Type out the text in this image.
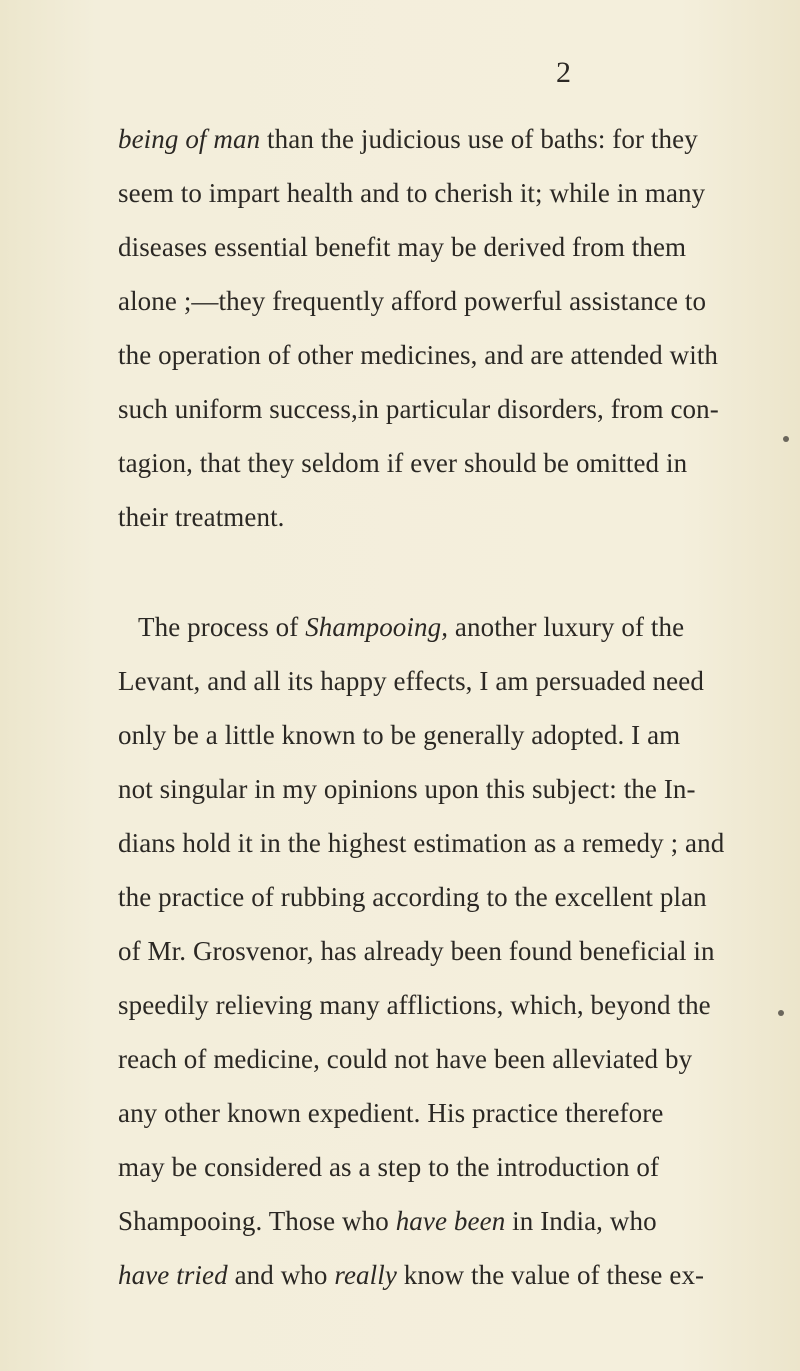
2
being of man than the judicious use of baths: for they
seem to impart health and to cherish it; while in many
diseases essential benefit may be derived from them
alone ;—they frequently afford powerful assistance to
the operation of other medicines, and are attended with
such uniform success,in particular disorders, from con-
tagion, that they seldom if ever should be omitted in
their treatment.
The process of Shampooing, another luxury of the
Levant, and all its happy effects, I am persuaded need
only be a little known to be generally adopted. I am
not singular in my opinions upon this subject: the In-
dians hold it in the highest estimation as a remedy ; and
the practice of rubbing according to the excellent plan
of Mr. Grosvenor, has already been found beneficial in
speedily relieving many afflictions, which, beyond the
reach of medicine, could not have been alleviated by
any other known expedient. His practice therefore
may be considered as a step to the introduction of
Shampooing. Those who have been in India, who
have tried and who really know the value of these ex-
